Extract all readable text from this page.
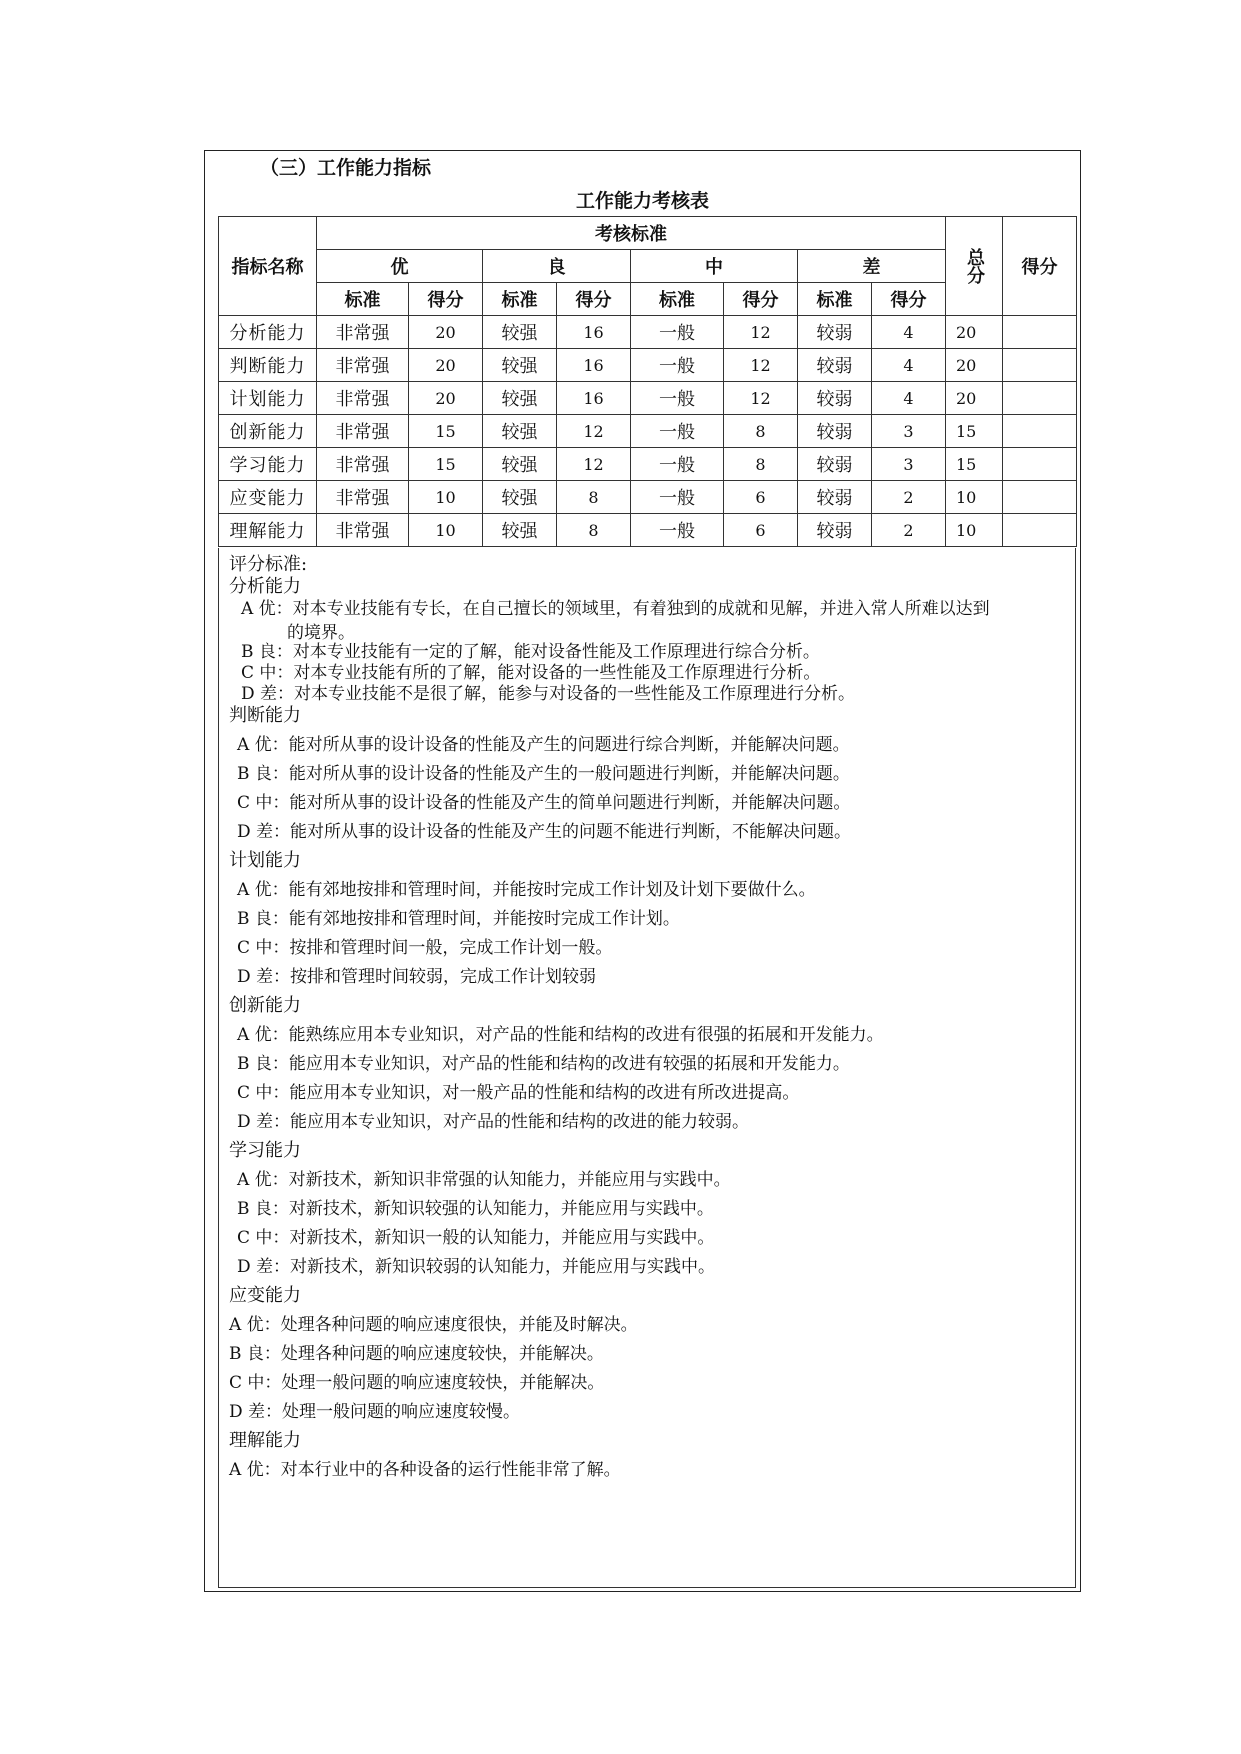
（三）工作能力指标
工作能力考核表
指标名称	考核标准								总分	得分
	优		良		中		差			
	标准	得分	标准	得分	标准	得分	标准	得分		
分析能力	非常强	20	较强	16	一般	12	较弱	4	20	
判断能力	非常强	20	较强	16	一般	12	较弱	4	20	
计划能力	非常强	20	较强	16	一般	12	较弱	4	20	
创新能力	非常强	15	较强	12	一般	8	较弱	3	15	
学习能力	非常强	15	较强	12	一般	8	较弱	3	15	
应变能力	非常强	10	较强	8	一般	6	较弱	2	10	
理解能力	非常强	10	较强	8	一般	6	较弱	2	10	
评分标准:
分析能力
A 优：对本专业技能有专长，在自己擅长的领域里，有着独到的成就和见解，并进入常人所难以达到
的境界。
B 良：对本专业技能有一定的了解，能对设备性能及工作原理进行综合分析。
C 中：对本专业技能有所的了解，能对设备的一些性能及工作原理进行分析。
D 差：对本专业技能不是很了解，能参与对设备的一些性能及工作原理进行分析。
判断能力
A 优：能对所从事的设计设备的性能及产生的问题进行综合判断，并能解决问题。
B 良：能对所从事的设计设备的性能及产生的一般问题进行判断，并能解决问题。
C 中：能对所从事的设计设备的性能及产生的简单问题进行判断，并能解决问题。
D 差：能对所从事的设计设备的性能及产生的问题不能进行判断，不能解决问题。
计划能力
A 优：能有郊地按排和管理时间，并能按时完成工作计划及计划下要做什么。
B 良：能有郊地按排和管理时间，并能按时完成工作计划。
C 中：按排和管理时间一般，完成工作计划一般。
D 差：按排和管理时间较弱，完成工作计划较弱
创新能力
A 优：能熟练应用本专业知识，对产品的性能和结构的改进有很强的拓展和开发能力。
B 良：能应用本专业知识，对产品的性能和结构的改进有较强的拓展和开发能力。
C 中：能应用本专业知识，对一般产品的性能和结构的改进有所改进提高。
D 差：能应用本专业知识，对产品的性能和结构的改进的能力较弱。
学习能力
A 优：对新技术，新知识非常强的认知能力，并能应用与实践中。
B 良：对新技术，新知识较强的认知能力，并能应用与实践中。
C 中：对新技术，新知识一般的认知能力，并能应用与实践中。
D 差：对新技术，新知识较弱的认知能力，并能应用与实践中。
应变能力
A 优：处理各种问题的响应速度很快，并能及时解决。
B 良：处理各种问题的响应速度较快，并能解决。
C 中：处理一般问题的响应速度较快，并能解决。
D 差：处理一般问题的响应速度较慢。
理解能力
A 优：对本行业中的各种设备的运行性能非常了解。
